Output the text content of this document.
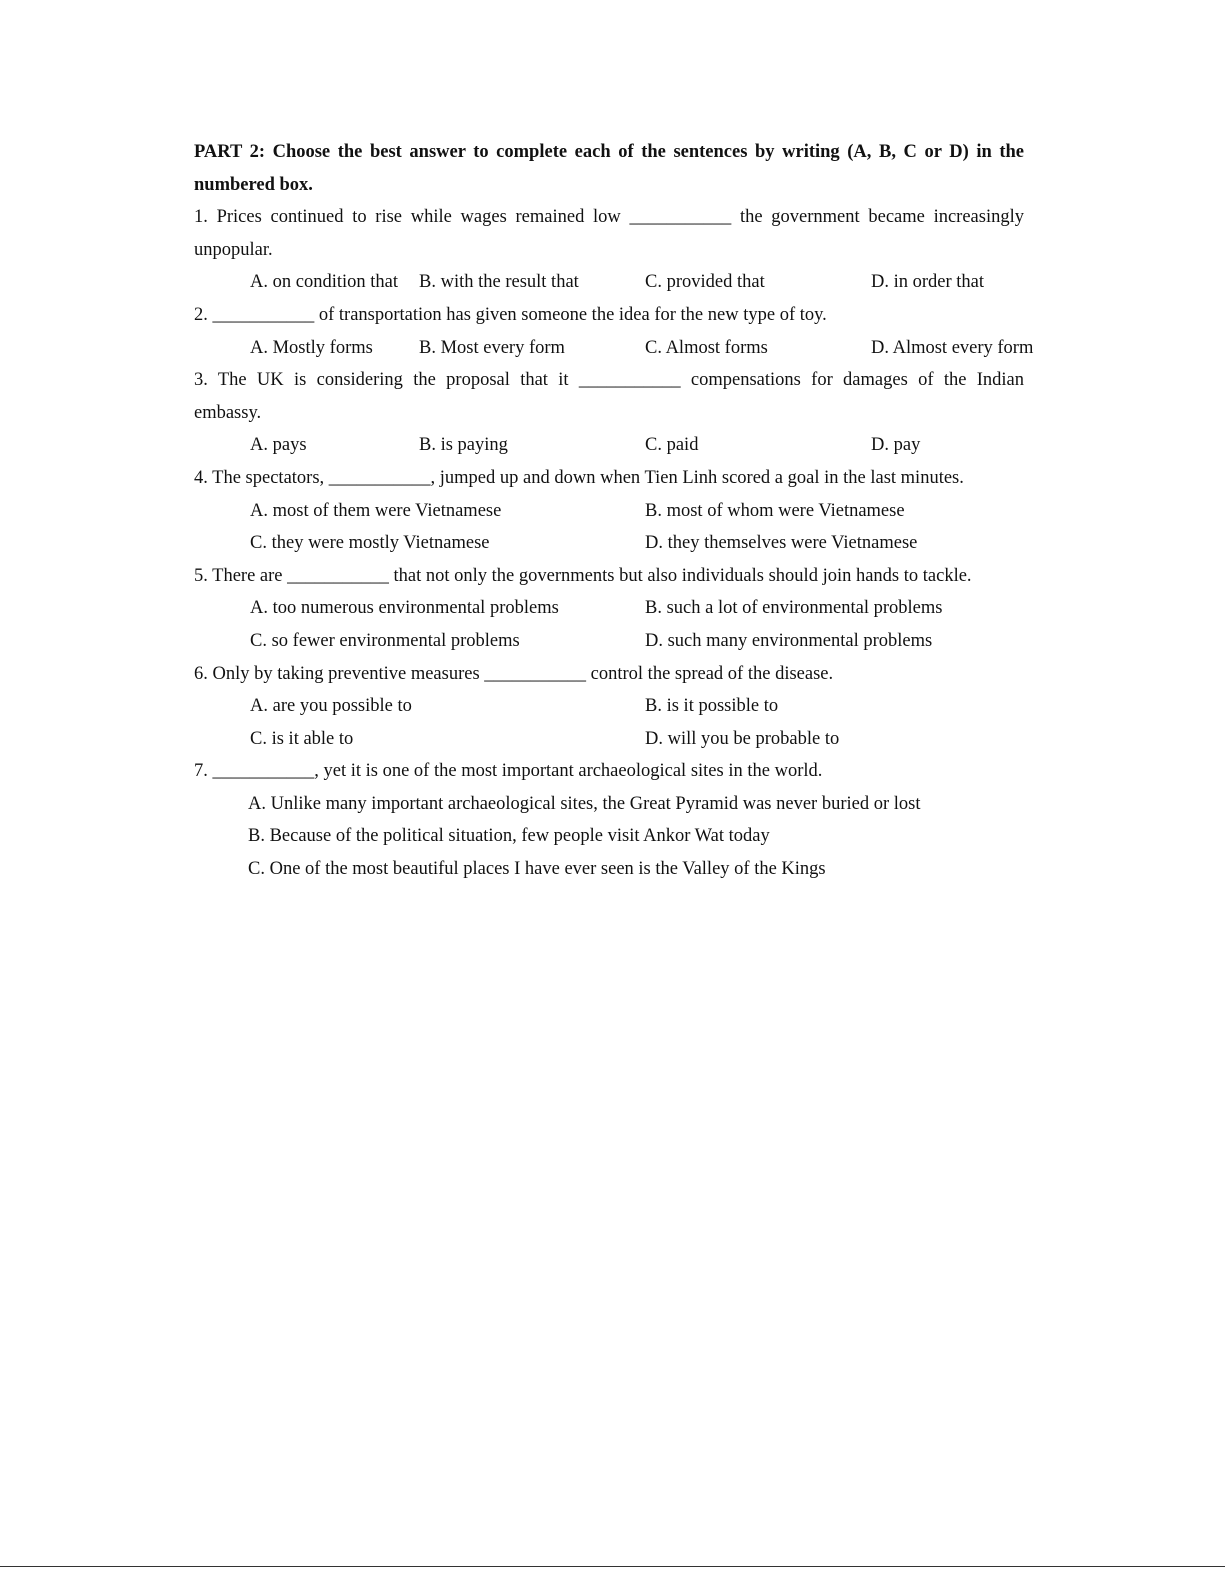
PART 2: Choose the best answer to complete each of the sentences by writing (A, B, C or D) in the
numbered box.
1. Prices continued to rise while wages remained low ___________ the government became increasingly
unpopular.
A. on condition that B. with the result that	C. provided that	D. in order that
2. ___________ of transportation has given someone the idea for the new type of toy.
A. Mostly forms B. Most every form	C. Almost forms	D. Almost every form
3. The UK is considering the proposal that it ___________ compensations for damages of the Indian
embassy.
A. pays	B. is paying	C. paid	D. pay
4. The spectators, ___________, jumped up and down when Tien Linh scored a goal in the last minutes.
A. most of them were Vietnamese	B. most of whom were Vietnamese
C. they were mostly Vietnamese	D. they themselves were Vietnamese
5. There are ___________ that not only the governments but also individuals should join hands to tackle.
A. too numerous environmental problems	B. such a lot of environmental problems
C. so fewer environmental problems	D. such many environmental problems
6. Only by taking preventive measures ___________ control the spread of the disease.
A. are you possible to	B. is it possible to
C. is it able to	D. will you be probable to
7. ___________, yet it is one of the most important archaeological sites in the world.
A. Unlike many important archaeological sites, the Great Pyramid was never buried or lost
B. Because of the political situation, few people visit Ankor Wat today
C. One of the most beautiful places I have ever seen is the Valley of the Kings
